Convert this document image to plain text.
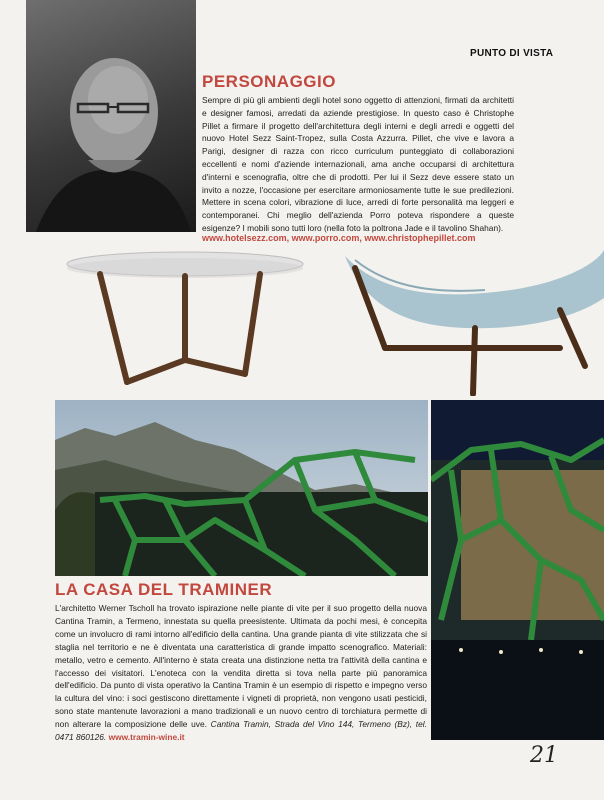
PUNTO DI VISTA
PERSONAGGIO

Sempre di più gli ambienti degli hotel sono oggetto di attenzioni, firmati da architetti e designer famosi, arredati da aziende prestigiose. In questo caso è Christophe Pillet a firmare il progetto dell'architettura degli interni e degli arredi e oggetti del nuovo Hotel Sezz Saint-Tropez, sulla Costa Azzurra. Pillet, che vive e lavora a Parigi, designer di razza con ricco curriculum punteggiato di collaborazioni eccellenti e nomi d'aziende internazionali, ama anche occuparsi di architettura d'interni e scenografia, oltre che di prodotti. Per lui il Sezz deve essere stato un invito a nozze, l'occasione per esercitare armoniosamente tutte le sue predilezioni. Mettere in scena colori, vibrazione di luce, arredi di forte personalità ma leggeri e contemporanei. Chi meglio dell'azienda Porro poteva rispondere a queste esigenze? I mobili sono tutti loro (nella foto la poltrona Jade e il tavolino Shahan).

www.hotelsezz.com, www.porro.com, www.christophepillet.com
LA CASA DEL TRAMINER

L'architetto Werner Tscholl ha trovato ispirazione nelle piante di vite per il suo progetto della nuova Cantina Tramin, a Termeno, innestata su quella preesistente. Ultimata da pochi mesi, è concepita come un involucro di rami intorno all'edificio della cantina. Una grande pianta di vite stilizzata che si staglia nel territorio e ne è diventata una caratteristica di grande impatto scenografico. Materiali: metallo, vetro e cemento. All'interno è stata creata una distinzione netta tra l'attività della cantina e l'accesso dei visitatori. L'enoteca con la vendita diretta si tova nella parte più panoramica dell'edificio. Da punto di vista operativo la Cantina Tramin è un esempio di rispetto e impegno verso la cultura del vino: i soci gestiscono direttamente i vigneti di proprietà, non vengono usati pesticidi, sono state mantenute lavorazioni a mano tradizionali e un nuovo centro di torchiatura permette di non alterare la composizione delle uve. Cantina Tramin, Strada del Vino 144, Termeno (Bz), tel. 0471 860126. www.tramin-wine.it

21
